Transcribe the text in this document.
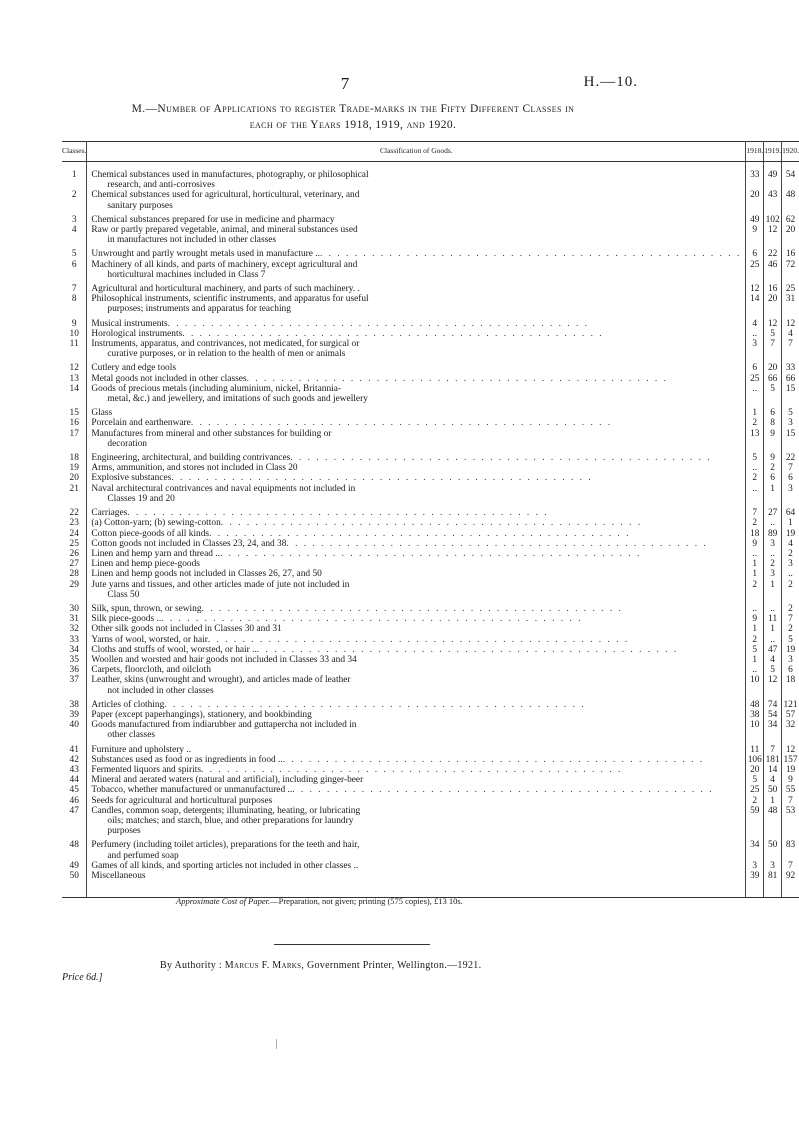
7	H.—10.
M.—Number of Applications to register Trade-marks in the Fifty Different Classes in
each of the Years 1918, 1919, and 1920.
Classes.	Classification of Goods.	1918.	1919.	1920.

1	Chemical substances used in manufactures, photography, or philosophical
research, and anti-corrosives	33	49	54
2	Chemical substances used for agricultural, horticultural, veterinary, and
sanitary purposes	20	43	48
3	Chemical substances prepared for use in medicine and pharmacy	49	102	62
4	Raw or partly prepared vegetable, animal, and mineral substances used
in manufactures not included in other classes	9	12	20
5	Unwrought and partly wrought metals used in manufacture .. . . . . . . . . . . . . . . . . . . . . . . . . . . . . . . . . . . . . . . . . . . . . . . . . .	6	22	16
6	Machinery of all kinds, and parts of machinery, except agricultural and
horticultural machines included in Class 7	25	46	72
7	Agricultural and horticultural machinery, and parts of such machinery. .	12	16	25
8	Philosophical instruments, scientific instruments, and apparatus for useful
purposes; instruments and apparatus for teaching	14	20	31
9	Musical instruments . . . . . . . . . . . . . . . . . . . . . . . . . . . . . . . . . . . . . . . . . . . . . . . . .	4	12	12
10	Horological instruments . . . . . . . . . . . . . . . . . . . . . . . . . . . . . . . . . . . . . . . . . . . . . . . . .	..	5	4
11	Instruments, apparatus, and contrivances, not medicated, for surgical or
curative purposes, or in relation to the health of men or animals	3	7	7
12	Cutlery and edge tools	6	20	33
13	Metal goods not included in other classes . . . . . . . . . . . . . . . . . . . . . . . . . . . . . . . . . . . . . . . . . . . . . . . . .	25	66	66
14	Goods of precious metals (including aluminium, nickel, Britannia-
metal, &c.) and jewellery, and imitations of such goods and jewellery	..	5	15
15	Glass	1	6	5
16	Porcelain and earthenware . . . . . . . . . . . . . . . . . . . . . . . . . . . . . . . . . . . . . . . . . . . . . . . . .	2	8	3
17	Manufactures from mineral and other substances for building or
decoration	13	9	15
18	Engineering, architectural, and building contrivances . . . . . . . . . . . . . . . . . . . . . . . . . . . . . . . . . . . . . . . . . . . . . . . . .	5	9	22
19	Arms, ammunition, and stores not included in Class 20	..	2	7
20	Explosive substances . . . . . . . . . . . . . . . . . . . . . . . . . . . . . . . . . . . . . . . . . . . . . . . . .	2	6	6
21	Naval architectural contrivances and naval equipments not included in
Classes 19 and 20	..	1	3
22	Carriages . . . . . . . . . . . . . . . . . . . . . . . . . . . . . . . . . . . . . . . . . . . . . . . . .	7	27	64
23	(a) Cotton-yarn; (b) sewing-cotton . . . . . . . . . . . . . . . . . . . . . . . . . . . . . . . . . . . . . . . . . . . . . . . . .	2	..	1
24	Cotton piece-goods of all kinds . . . . . . . . . . . . . . . . . . . . . . . . . . . . . . . . . . . . . . . . . . . . . . . . .	18	89	19
25	Cotton goods not included in Classes 23, 24, and 38 . . . . . . . . . . . . . . . . . . . . . . . . . . . . . . . . . . . . . . . . . . . . . . . . .	9	3	4
26	Linen and hemp yarn and thread .. . . . . . . . . . . . . . . . . . . . . . . . . . . . . . . . . . . . . . . . . . . . . . . . . .	..	..	2
27	Linen and hemp piece-goods	1	2	3
28	Linen and hemp goods not included in Classes 26, 27, and 50	1	3	..
29	Jute yarns and tissues, and other articles made of jute not included in
Class 50	2	1	2
30	Silk, spun, thrown, or sewing . . . . . . . . . . . . . . . . . . . . . . . . . . . . . . . . . . . . . . . . . . . . . . . . .	..	..	2
31	Silk piece-goods .. . . . . . . . . . . . . . . . . . . . . . . . . . . . . . . . . . . . . . . . . . . . . . . . . .	9	11	7
32	Other silk goods not included in Classes 30 and 31	1	1	2
33	Yarns of wool, worsted, or hair . . . . . . . . . . . . . . . . . . . . . . . . . . . . . . . . . . . . . . . . . . . . . . . . .	2	..	5
34	Cloths and stuffs of wool, worsted, or hair .. . . . . . . . . . . . . . . . . . . . . . . . . . . . . . . . . . . . . . . . . . . . . . . . . .	5	47	19
35	Woollen and worsted and hair goods not included in Classes 33 and 34	1	4	3
36	Carpets, floorcloth, and oilcloth	..	5	6
37	Leather, skins (unwrought and wrought), and articles made of leather
not included in other classes	10	12	18
38	Articles of clothing . . . . . . . . . . . . . . . . . . . . . . . . . . . . . . . . . . . . . . . . . . . . . . . . .	48	74	121
39	Paper (except paperhangings), stationery, and bookbinding	38	54	57
40	Goods manufactured from indiarubber and guttapercha not included in
other classes	10	34	32
41	Furniture and upholstery ..	11	7	12
42	Substances used as food or as ingredients in food .. . . . . . . . . . . . . . . . . . . . . . . . . . . . . . . . . . . . . . . . . . . . . . . . . .	106	181	157
43	Fermented liquors and spirits . . . . . . . . . . . . . . . . . . . . . . . . . . . . . . . . . . . . . . . . . . . . . . . . .	20	14	19
44	Mineral and aerated waters (natural and artificial), including ginger-beer	5	4	9
45	Tobacco, whether manufactured or unmanufactured .. . . . . . . . . . . . . . . . . . . . . . . . . . . . . . . . . . . . . . . . . . . . . . . . . .	25	50	55
46	Seeds for agricultural and horticultural purposes	2	1	7
47	Candles, common soap, detergents; illuminating, heating, or lubricating
oils; matches; and starch, blue, and other preparations for laundry
purposes	59	48	53
48	Perfumery (including toilet articles), preparations for the teeth and hair,
and perfumed soap	34	50	83
49	Games of all kinds, and sporting articles not included in other classes ..	3	3	7
50	Miscellaneous	39	81	92

Approximate Cost of Paper.—Preparation, not given; printing (575 copies), £13 10s.
By Authority : Marcus F. Marks, Government Printer, Wellington.—1921.
Price 6d.]
